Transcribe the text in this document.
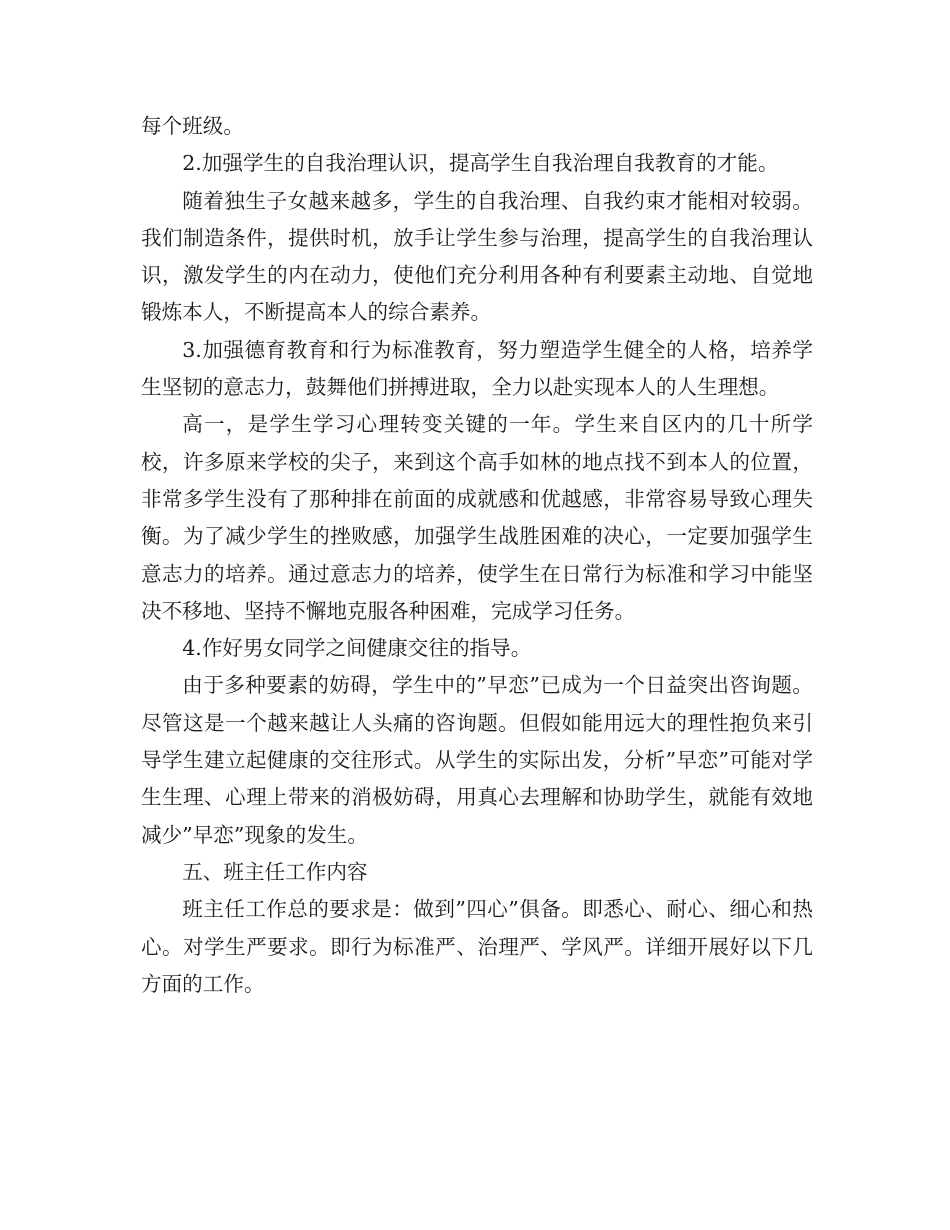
每个班级。

2.加强学生的自我治理认识，提高学生自我治理自我教育的才能。

随着独生子女越来越多，学生的自我治理、自我约束才能相对较弱。我们制造条件，提供时机，放手让学生参与治理，提高学生的自我治理认识，激发学生的内在动力，使他们充分利用各种有利要素主动地、自觉地锻炼本人，不断提高本人的综合素养。

3.加强德育教育和行为标准教育，努力塑造学生健全的人格，培养学生坚韧的意志力，鼓舞他们拼搏进取，全力以赴实现本人的人生理想。

高一，是学生学习心理转变关键的一年。学生来自区内的几十所学校，许多原来学校的尖子，来到这个高手如林的地点找不到本人的位置，非常多学生没有了那种排在前面的成就感和优越感，非常容易导致心理失衡。为了减少学生的挫败感，加强学生战胜困难的决心，一定要加强学生意志力的培养。通过意志力的培养，使学生在日常行为标准和学习中能坚决不移地、坚持不懈地克服各种困难，完成学习任务。

4.作好男女同学之间健康交往的指导。

由于多种要素的妨碍，学生中的”早恋”已成为一个日益突出咨询题。尽管这是一个越来越让人头痛的咨询题。但假如能用远大的理性抱负来引导学生建立起健康的交往形式。从学生的实际出发，分析”早恋”可能对学生生理、心理上带来的消极妨碍，用真心去理解和协助学生，就能有效地减少”早恋”现象的发生。

五、班主任工作内容

班主任工作总的要求是：做到”四心”俱备。即悉心、耐心、细心和热心。对学生严要求。即行为标准严、治理严、学风严。详细开展好以下几方面的工作。
